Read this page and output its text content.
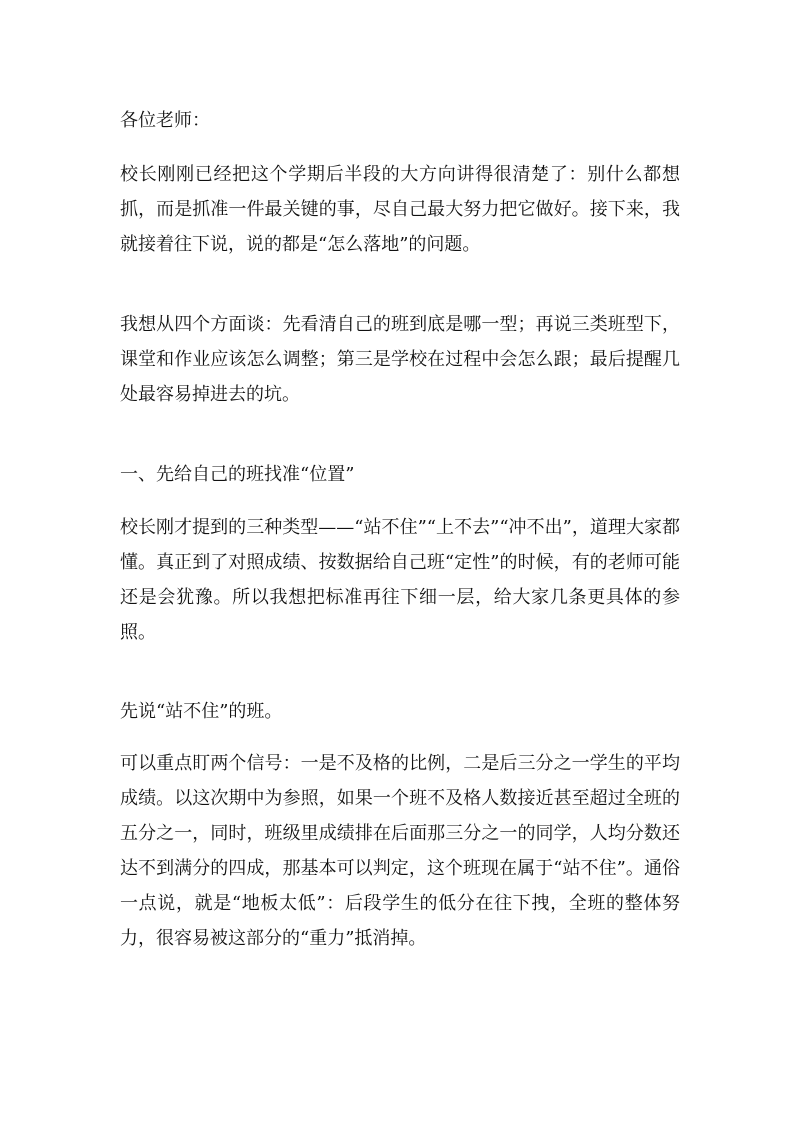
各位老师：

校长刚刚已经把这个学期后半段的大方向讲得很清楚了：别什么都想抓，而是抓准一件最关键的事，尽自己最大努力把它做好。接下来，我就接着往下说，说的都是“怎么落地”的问题。

我想从四个方面谈：先看清自己的班到底是哪一型；再说三类班型下，课堂和作业应该怎么调整；第三是学校在过程中会怎么跟；最后提醒几处最容易掉进去的坑。

一、先给自己的班找准“位置”

校长刚才提到的三种类型——“站不住”“上不去”“冲不出”，道理大家都懂。真正到了对照成绩、按数据给自己班“定性”的时候，有的老师可能还是会犹豫。所以我想把标准再往下细一层，给大家几条更具体的参照。

先说“站不住”的班。

可以重点盯两个信号：一是不及格的比例，二是后三分之一学生的平均成绩。以这次期中为参照，如果一个班不及格人数接近甚至超过全班的五分之一，同时，班级里成绩排在后面那三分之一的同学，人均分数还达不到满分的四成，那基本可以判定，这个班现在属于“站不住”。通俗一点说，就是“地板太低”：后段学生的低分在往下拽，全班的整体努力，很容易被这部分的“重力”抵消掉。
